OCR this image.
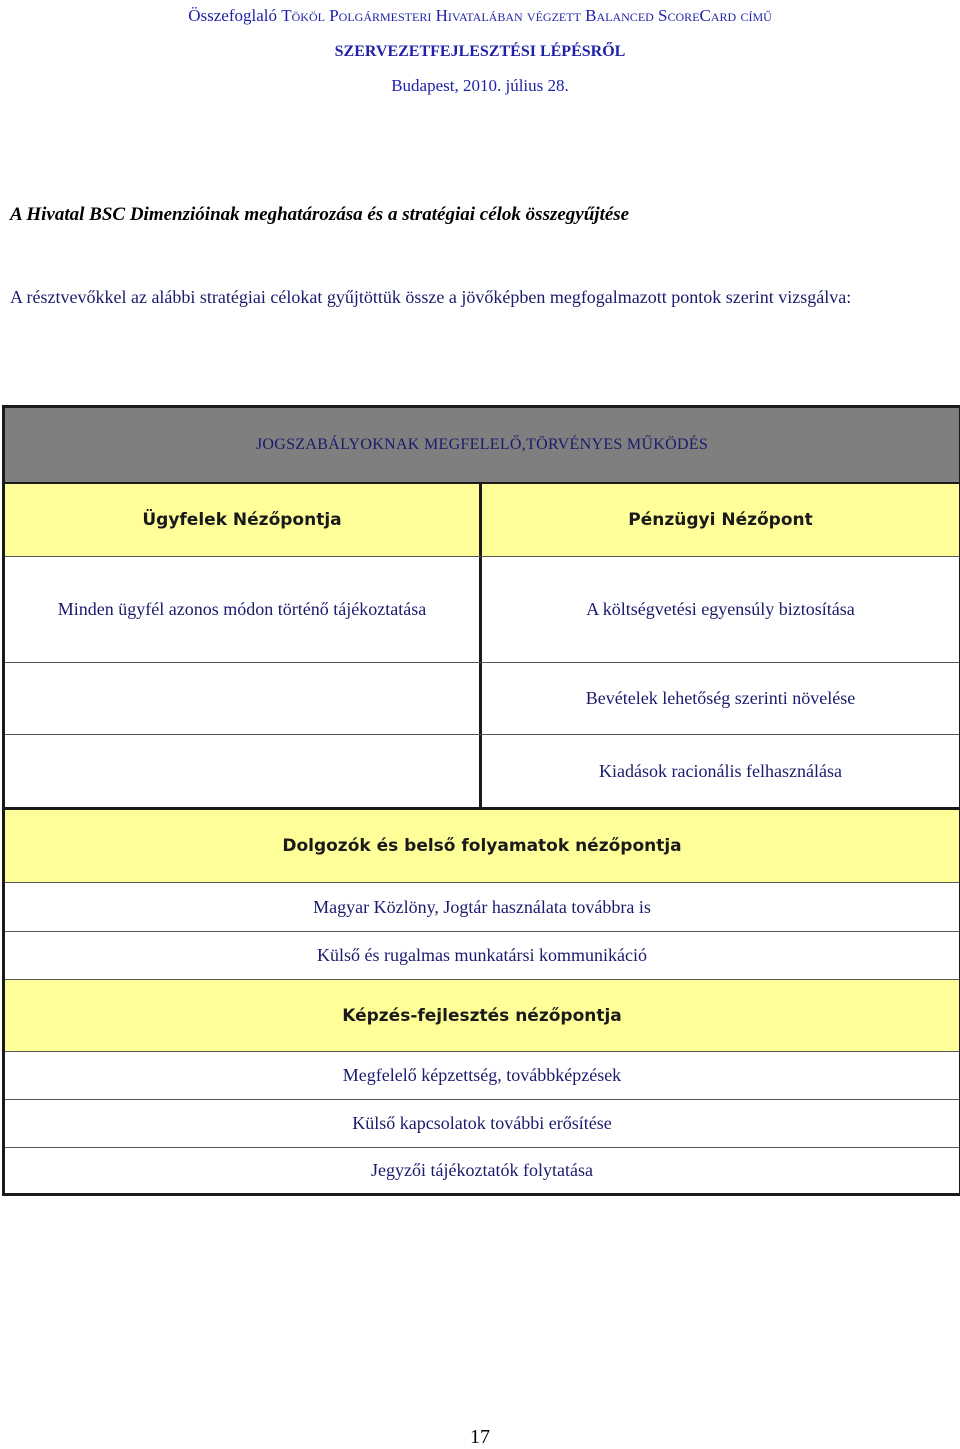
Összefoglaló Tököl Polgármesteri Hivatalában végzett Balanced ScoreCard című
SZERVEZETFEJLESZTÉSI LÉPÉSRŐL
Budapest, 2010. július 28.
A Hivatal BSC Dimenzióinak meghatározása és a stratégiai célok összegyűjtése
A résztvevőkkel az alábbi stratégiai célokat gyűjtöttük össze a jövőképben megfogalmazott pontok szerint vizsgálva:
JOGSZABÁLYOKNAK MEGFELELŐ,TÖRVÉNYES MŰKÖDÉS
Ügyfelek Nézőpontja	Pénzügyi Nézőpont
Minden ügyfél azonos módon történő tájékoztatása	A költségvetési egyensúly biztosítása
Bevételek lehetőség szerinti növelése
Kiadások racionális felhasználása
Dolgozók és belső folyamatok nézőpontja
Magyar Közlöny, Jogtár használata továbbra is
Külső és rugalmas munkatársi kommunikáció
Képzés-fejlesztés nézőpontja
Megfelelő képzettség, továbbképzések
Külső kapcsolatok további erősítése
Jegyzői tájékoztatók folytatása
17
